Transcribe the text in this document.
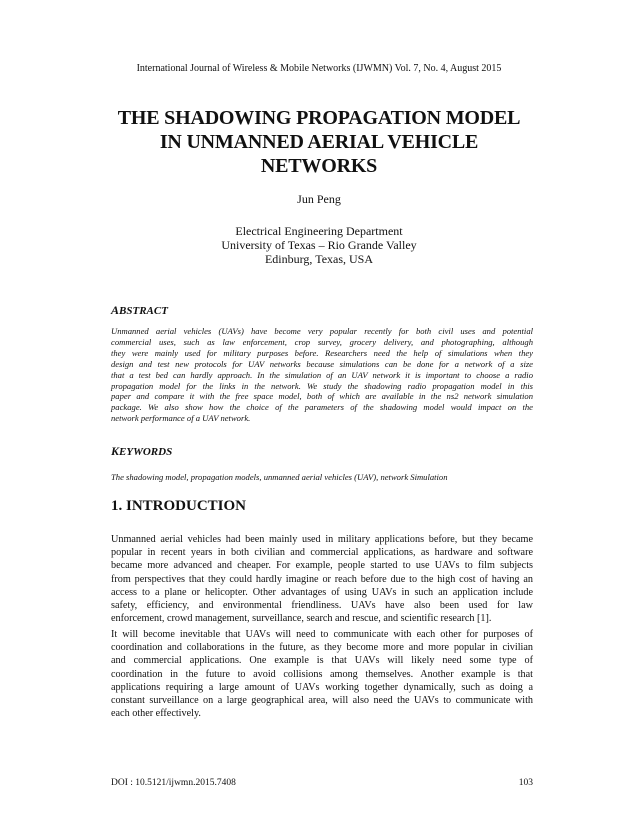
International Journal of Wireless & Mobile Networks (IJWMN) Vol. 7, No. 4, August 2015
THE SHADOWING PROPAGATION MODEL
IN UNMANNED AERIAL VEHICLE
NETWORKS
Jun Peng
Electrical Engineering Department
University of Texas – Rio Grande Valley
Edinburg, Texas, USA
ABSTRACT
Unmanned aerial vehicles (UAVs) have become very popular recently for both civil uses and potential
commercial uses, such as law enforcement, crop survey, grocery delivery, and photographing, although
they were mainly used for military purposes before. Researchers need the help of simulations when they
design and test new protocols for UAV networks because simulations can be done for a network of a size
that a test bed can hardly approach. In the simulation of an UAV network it is important to choose a radio
propagation model for the links in the network. We study the shadowing radio propagation model in this
paper and compare it with the free space model, both of which are available in the ns2 network simulation
package. We also show how the choice of the parameters of the shadowing model would impact on the
network performance of a UAV network.
KEYWORDS
The shadowing model, propagation models, unmanned aerial vehicles (UAV), network Simulation
1. INTRODUCTION
Unmanned aerial vehicles had been mainly used in military applications before, but they became
popular in recent years in both civilian and commercial applications, as hardware and software
became more advanced and cheaper. For example, people started to use UAVs to film subjects
from perspectives that they could hardly imagine or reach before due to the high cost of having an
access to a plane or helicopter. Other advantages of using UAVs in such an application include
safety, efficiency, and environmental friendliness. UAVs have also been used for law
enforcement, crowd management, surveillance, search and rescue, and scientific research [1].
It will become inevitable that UAVs will need to communicate with each other for purposes of
coordination and collaborations in the future, as they become more and more popular in civilian
and commercial applications. One example is that UAVs will likely need some type of
coordination in the future to avoid collisions among themselves. Another example is that
applications requiring a large amount of UAVs working together dynamically, such as doing a
constant surveillance on a large geographical area, will also need the UAVs to communicate with
each other effectively.
DOI : 10.5121/ijwmn.2015.7408	103
